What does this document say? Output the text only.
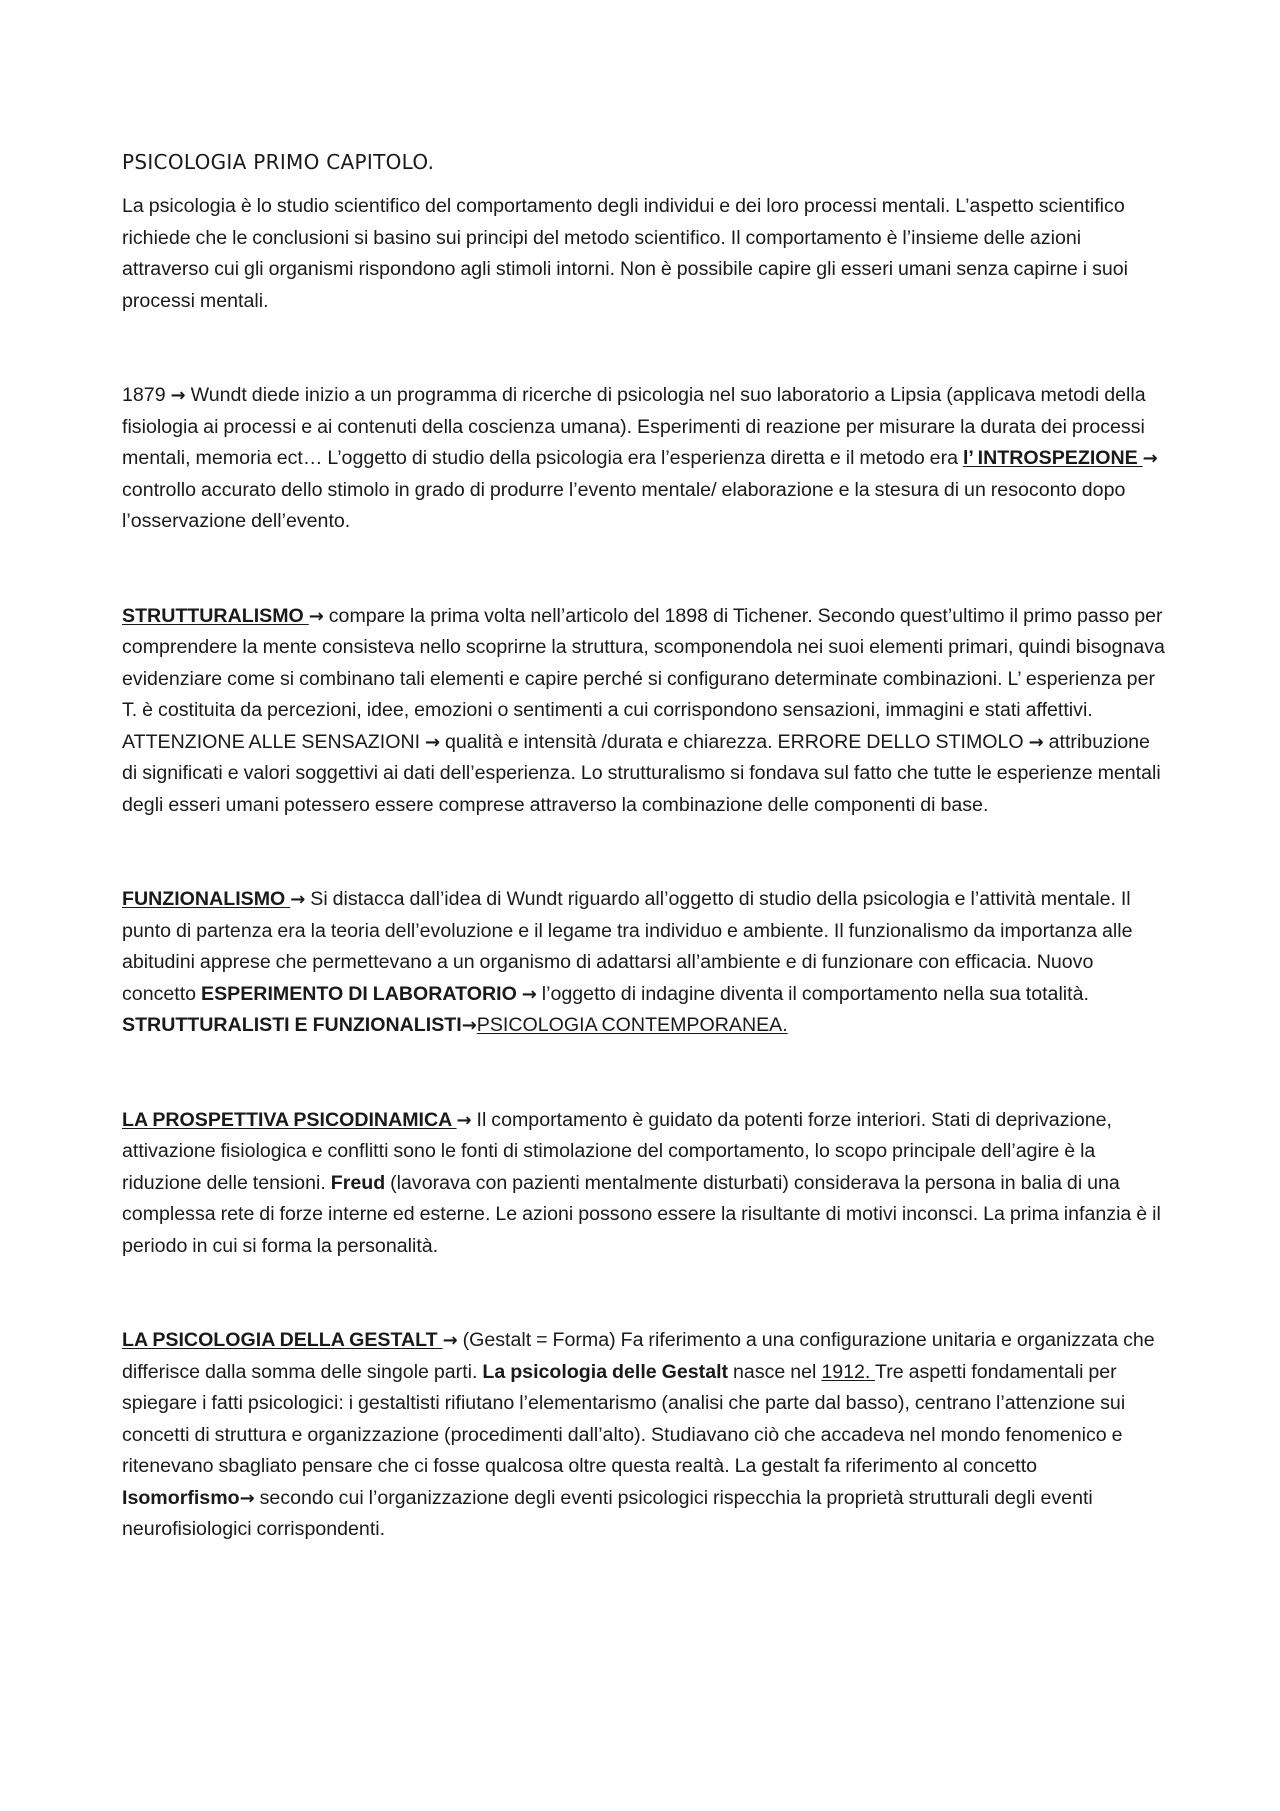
PSICOLOGIA PRIMO CAPITOLO.

La psicologia è lo studio scientifico del comportamento degli individui e dei loro processi mentali. L’aspetto scientifico richiede che le conclusioni si basino sui principi del metodo scientifico. Il comportamento è l’insieme delle azioni attraverso cui gli organismi rispondono agli stimoli intorni. Non è possibile capire gli esseri umani senza capirne i suoi processi mentali.

1879 → Wundt diede inizio a un programma di ricerche di psicologia nel suo laboratorio a Lipsia (applicava metodi della fisiologia ai processi e ai contenuti della coscienza umana). Esperimenti di reazione per misurare la durata dei processi mentali, memoria ect… L’oggetto di studio della psicologia era l’esperienza diretta e il metodo era l’ INTROSPEZIONE → controllo accurato dello stimolo in grado di produrre l’evento mentale/ elaborazione e la stesura di un resoconto dopo l’osservazione dell’evento.

STRUTTURALISMO → compare la prima volta nell’articolo del 1898 di Tichener. Secondo quest’ultimo il primo passo per comprendere la mente consisteva nello scoprirne la struttura, scomponendola nei suoi elementi primari, quindi bisognava evidenziare come si combinano tali elementi e capire perché si configurano determinate combinazioni. L’ esperienza per T. è costituita da percezioni, idee, emozioni o sentimenti a cui corrispondono sensazioni, immagini e stati affettivi. ATTENZIONE ALLE SENSAZIONI → qualità e intensità /durata e chiarezza. ERRORE DELLO STIMOLO → attribuzione di significati e valori soggettivi ai dati dell’esperienza. Lo strutturalismo si fondava sul fatto che tutte le esperienze mentali degli esseri umani potessero essere comprese attraverso la combinazione delle componenti di base.

FUNZIONALISMO → Si distacca dall’idea di Wundt riguardo all’oggetto di studio della psicologia e l’attività mentale. Il punto di partenza era la teoria dell’evoluzione e il legame tra individuo e ambiente. Il funzionalismo da importanza alle abitudini apprese che permettevano a un organismo di adattarsi all’ambiente e di funzionare con efficacia. Nuovo concetto ESPERIMENTO DI LABORATORIO → l’oggetto di indagine diventa il comportamento nella sua totalità. STRUTTURALISTI E FUNZIONALISTI→PSICOLOGIA CONTEMPORANEA.

LA PROSPETTIVA PSICODINAMICA → Il comportamento è guidato da potenti forze interiori. Stati di deprivazione, attivazione fisiologica e conflitti sono le fonti di stimolazione del comportamento, lo scopo principale dell’agire è la riduzione delle tensioni. Freud (lavorava con pazienti mentalmente disturbati) considerava la persona in balia di una complessa rete di forze interne ed esterne. Le azioni possono essere la risultante di motivi inconsci. La prima infanzia è il periodo in cui si forma la personalità.

LA PSICOLOGIA DELLA GESTALT → (Gestalt = Forma) Fa riferimento a una configurazione unitaria e organizzata che differisce dalla somma delle singole parti. La psicologia delle Gestalt nasce nel 1912. Tre aspetti fondamentali per spiegare i fatti psicologici: i gestaltisti rifiutano l’elementarismo (analisi che parte dal basso), centrano l’attenzione sui concetti di struttura e organizzazione (procedimenti dall’alto). Studiavano ciò che accadeva nel mondo fenomenico e ritenevano sbagliato pensare che ci fosse qualcosa oltre questa realtà. La gestalt fa riferimento al concetto Isomorfismo→ secondo cui l’organizzazione degli eventi psicologici rispecchia la proprietà strutturali degli eventi neurofisiologici corrispondenti.
